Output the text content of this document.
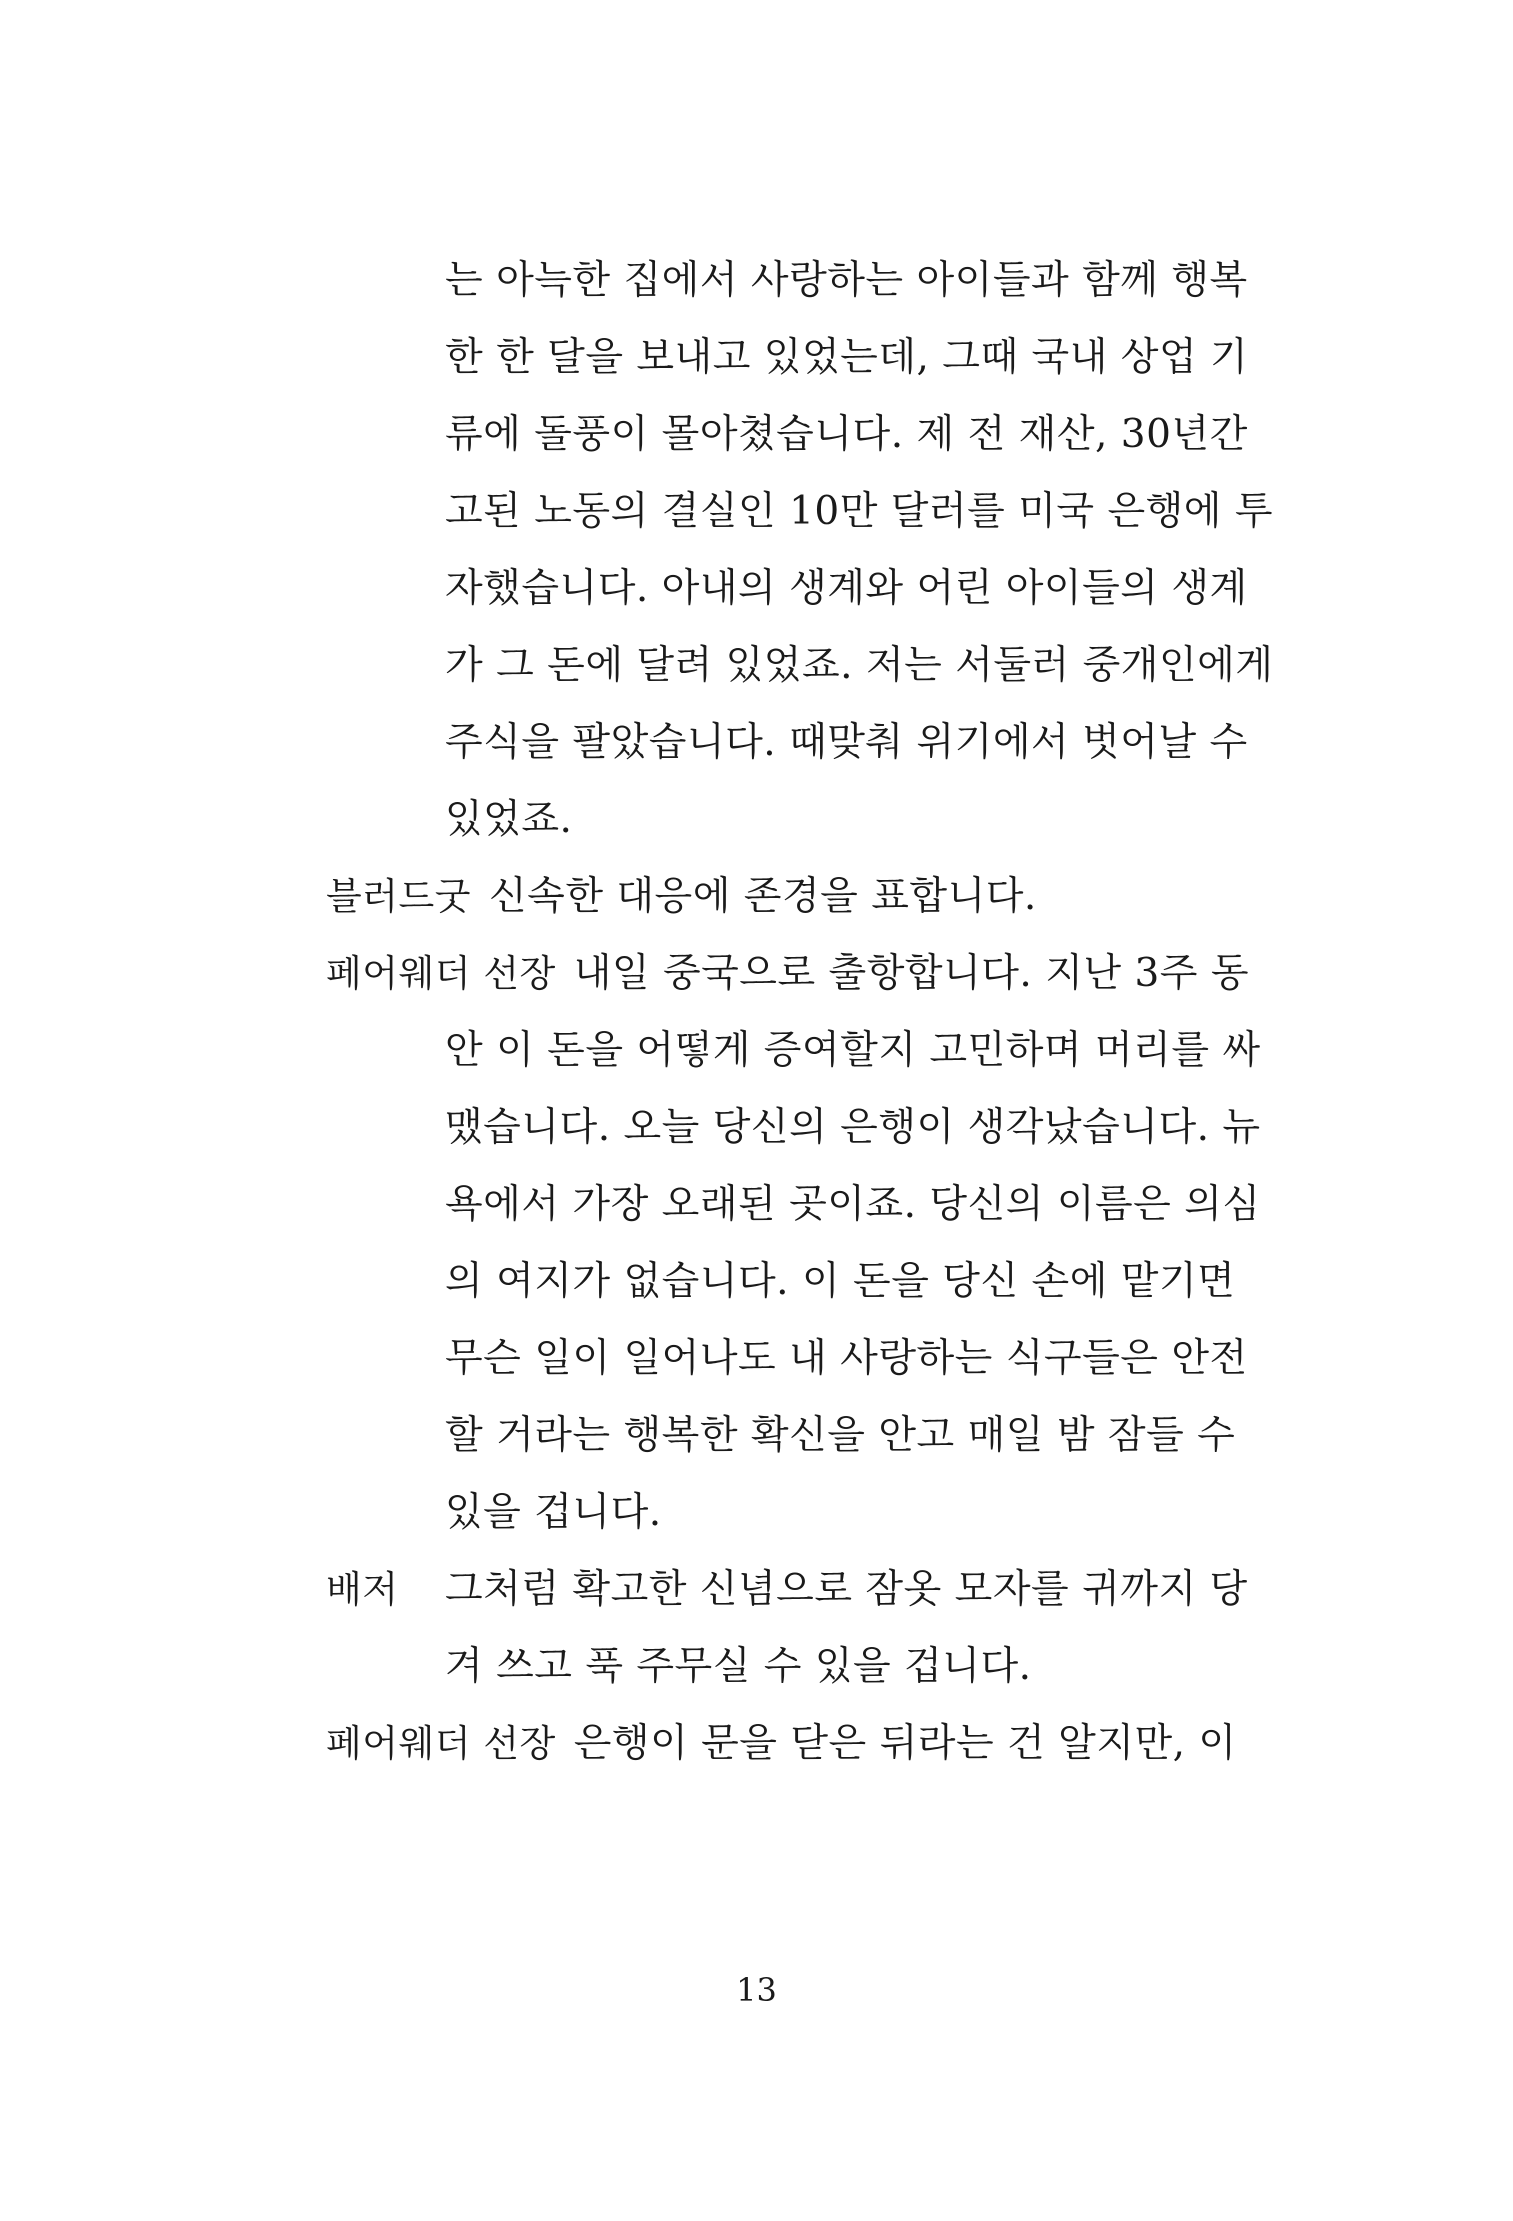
는 아늑한 집에서 사랑하는 아이들과 함께 행복
한 한 달을 보내고 있었는데, 그때 국내 상업 기
류에 돌풍이 몰아쳤습니다. 제 전 재산, 30년간
고된 노동의 결실인 10만 달러를 미국 은행에 투
자했습니다. 아내의 생계와 어린 아이들의 생계
가 그 돈에 달려 있었죠. 저는 서둘러 중개인에게
주식을 팔았습니다. 때맞춰 위기에서 벗어날 수
있었죠.
블러드굿 신속한 대응에 존경을 표합니다.
페어웨더 선장 내일 중국으로 출항합니다. 지난 3주 동
안 이 돈을 어떻게 증여할지 고민하며 머리를 싸
맸습니다. 오늘 당신의 은행이 생각났습니다. 뉴
욕에서 가장 오래된 곳이죠. 당신의 이름은 의심
의 여지가 없습니다. 이 돈을 당신 손에 맡기면
무슨 일이 일어나도 내 사랑하는 식구들은 안전
할 거라는 행복한 확신을 안고 매일 밤 잠들 수
있을 겁니다.
배저 그처럼 확고한 신념으로 잠옷 모자를 귀까지 당
겨 쓰고 푹 주무실 수 있을 겁니다.
페어웨더 선장 은행이 문을 닫은 뒤라는 건 알지만, 이
13
